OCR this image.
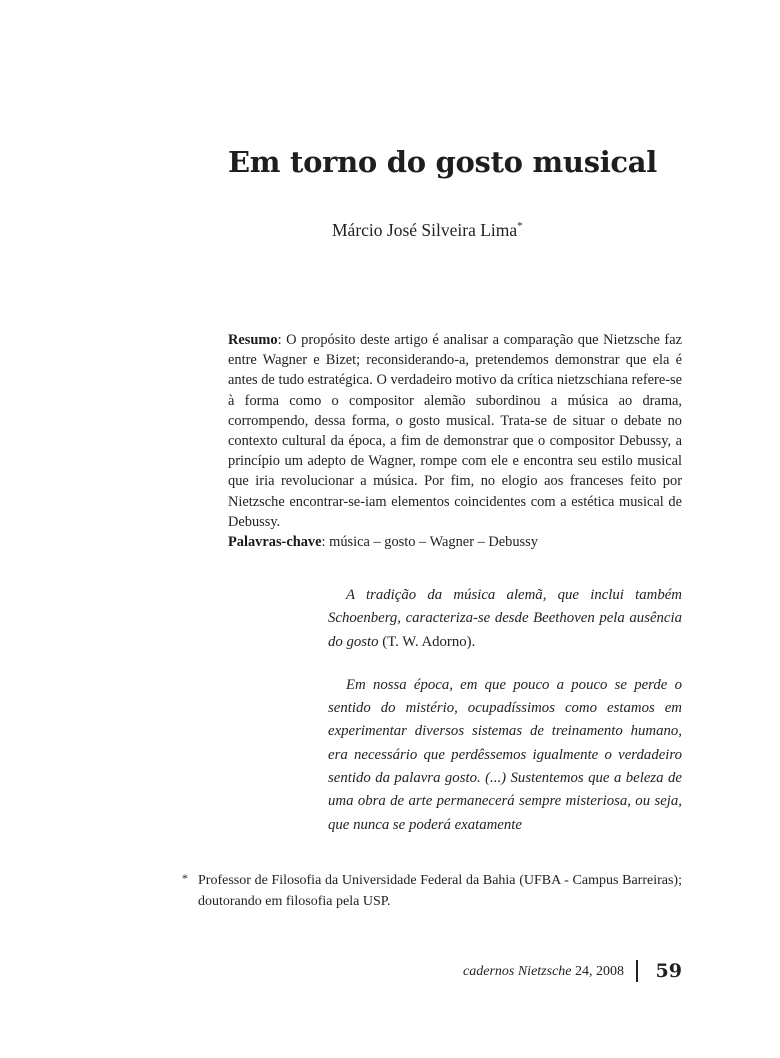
Em torno do gosto musical
Márcio José Silveira Lima*

Resumo: O propósito deste artigo é analisar a comparação que Nietzsche faz entre Wagner e Bizet; reconsiderando-a, pretendemos demonstrar que ela é antes de tudo estratégica. O verdadeiro motivo da crítica nietzschiana refere-se à forma como o compositor alemão subordinou a música ao drama, corrompendo, dessa forma, o gosto musical. Trata-se de situar o debate no contexto cultural da época, a fim de demonstrar que o compositor Debussy, a princípio um adepto de Wagner, rompe com ele e encontra seu estilo musical que iria revolucionar a música. Por fim, no elogio aos franceses feito por Nietzsche encontrar-se-iam elementos coincidentes com a estética musical de Debussy.

Palavras-chave: música – gosto – Wagner – Debussy

A tradição da música alemã, que inclui também Schoenberg, caracteriza-se desde Beethoven pela ausência do gosto (T. W. Adorno).

Em nossa época, em que pouco a pouco se perde o sentido do mistério, ocupadíssimos como estamos em experimentar diversos sistemas de treinamento humano, era necessário que perdêssemos igualmente o verdadeiro sentido da palavra gosto. (...) Sustentemos que a beleza de uma obra de arte permanecerá sempre misteriosa, ou seja, que nunca se poderá exatamente

* Professor de Filosofia da Universidade Federal da Bahia (UFBA - Campus Barreiras); doutorando em filosofia pela USP.
cadernos Nietzsche 24, 2008 59
